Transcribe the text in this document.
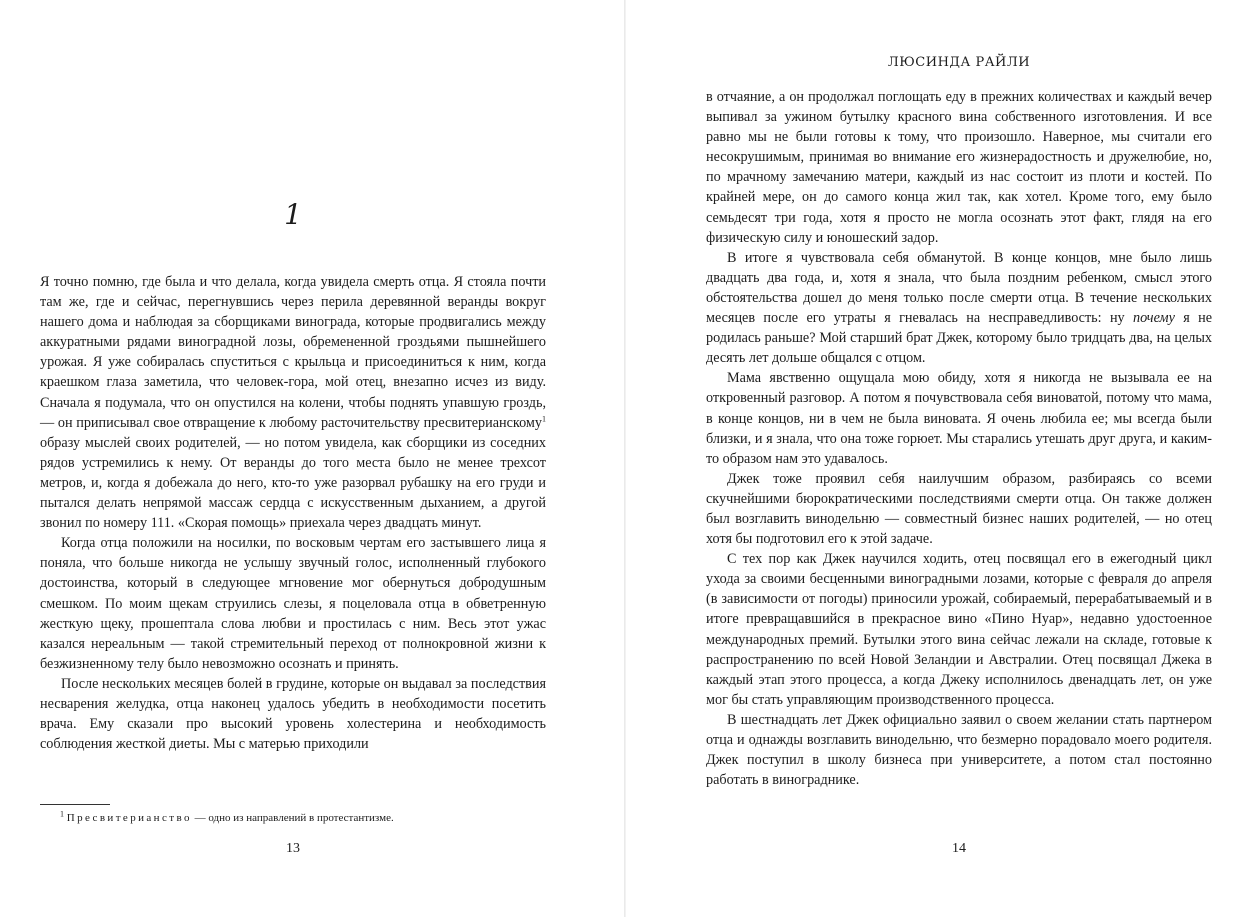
1

Я точно помню, где была и что делала, когда увидела смерть отца. Я стояла почти там же, где и сейчас, перегнувшись через перила деревянной веранды вокруг нашего дома и наблюдая за сборщиками винограда, которые продвигались между аккуратными рядами виноградной лозы, обремененной гроздьями пышнейшего урожая. Я уже собиралась спуститься с крыльца и присоединиться к ним, когда краешком глаза заметила, что человек-гора, мой отец, внезапно исчез из виду. Сначала я подумала, что он опустился на колени, чтобы поднять упавшую гроздь, — он приписывал свое отвращение к любому расточительству пресвитерианскому$^1$ образу мыслей своих родителей, — но потом увидела, как сборщики из соседних рядов устремились к нему. От веранды до того места было не менее трехсот метров, и, когда я добежала до него, кто-то уже разорвал рубашку на его груди и пытался делать непрямой массаж сердца с искусственным дыханием, а другой звонил по номеру 111. «Скорая помощь» приехала через двадцать минут.

Когда отца положили на носилки, по восковым чертам его застывшего лица я поняла, что больше никогда не услышу звучный голос, исполненный глубокого достоинства, который в следующее мгновение мог обернуться добродушным смешком. По моим щекам струились слезы, я поцеловала отца в обветренную жесткую щеку, прошептала слова любви и простилась с ним. Весь этот ужас казался нереальным — такой стремительный переход от полнокровной жизни к безжизненному телу было невозможно осознать и принять.

После нескольких месяцев болей в грудине, которые он выдавал за последствия несварения желудка, отца наконец удалось убедить в необходимости посетить врача. Ему сказали про высокий уровень холестерина и необходимость соблюдения жесткой диеты. Мы с матерью приходили

$^1$ Пресвитерианство — одно из направлений в протестантизме.
13
ЛЮСИНДА РАЙЛИ

в отчаяние, а он продолжал поглощать еду в прежних количествах и каждый вечер выпивал за ужином бутылку красного вина собственного изготовления. И все равно мы не были готовы к тому, что произошло. Наверное, мы считали его несокрушимым, принимая во внимание его жизнерадостность и дружелюбие, но, по мрачному замечанию матери, каждый из нас состоит из плоти и костей. По крайней мере, он до самого конца жил так, как хотел. Кроме того, ему было семьдесят три года, хотя я просто не могла осознать этот факт, глядя на его физическую силу и юношеский задор.

В итоге я чувствовала себя обманутой. В конце концов, мне было лишь двадцать два года, и, хотя я знала, что была поздним ребенком, смысл этого обстоятельства дошел до меня только после смерти отца. В течение нескольких месяцев после его утраты я гневалась на несправедливость: ну почему я не родилась раньше? Мой старший брат Джек, которому было тридцать два, на целых десять лет дольше общался с отцом.

Мама явственно ощущала мою обиду, хотя я никогда не вызывала ее на откровенный разговор. А потом я почувствовала себя виноватой, потому что мама, в конце концов, ни в чем не была виновата. Я очень любила ее; мы всегда были близки, и я знала, что она тоже горюет. Мы старались утешать друг друга, и каким-то образом нам это удавалось.

Джек тоже проявил себя наилучшим образом, разбираясь со всеми скучнейшими бюрократическими последствиями смерти отца. Он также должен был возглавить винодельню — совместный бизнес наших родителей, — но отец хотя бы подготовил его к этой задаче.

С тех пор как Джек научился ходить, отец посвящал его в ежегодный цикл ухода за своими бесценными виноградными лозами, которые с февраля до апреля (в зависимости от погоды) приносили урожай, собираемый, перерабатываемый и в итоге превращавшийся в прекрасное вино «Пино Нуар», недавно удостоенное международных премий. Бутылки этого вина сейчас лежали на складе, готовые к распространению по всей Новой Зеландии и Австралии. Отец посвящал Джека в каждый этап этого процесса, а когда Джеку исполнилось двенадцать лет, он уже мог бы стать управляющим производственного процесса.

В шестнадцать лет Джек официально заявил о своем желании стать партнером отца и однажды возглавить винодельню, что безмерно порадовало моего родителя. Джек поступил в школу бизнеса при университете, а потом стал постоянно работать в винограднике.

14
